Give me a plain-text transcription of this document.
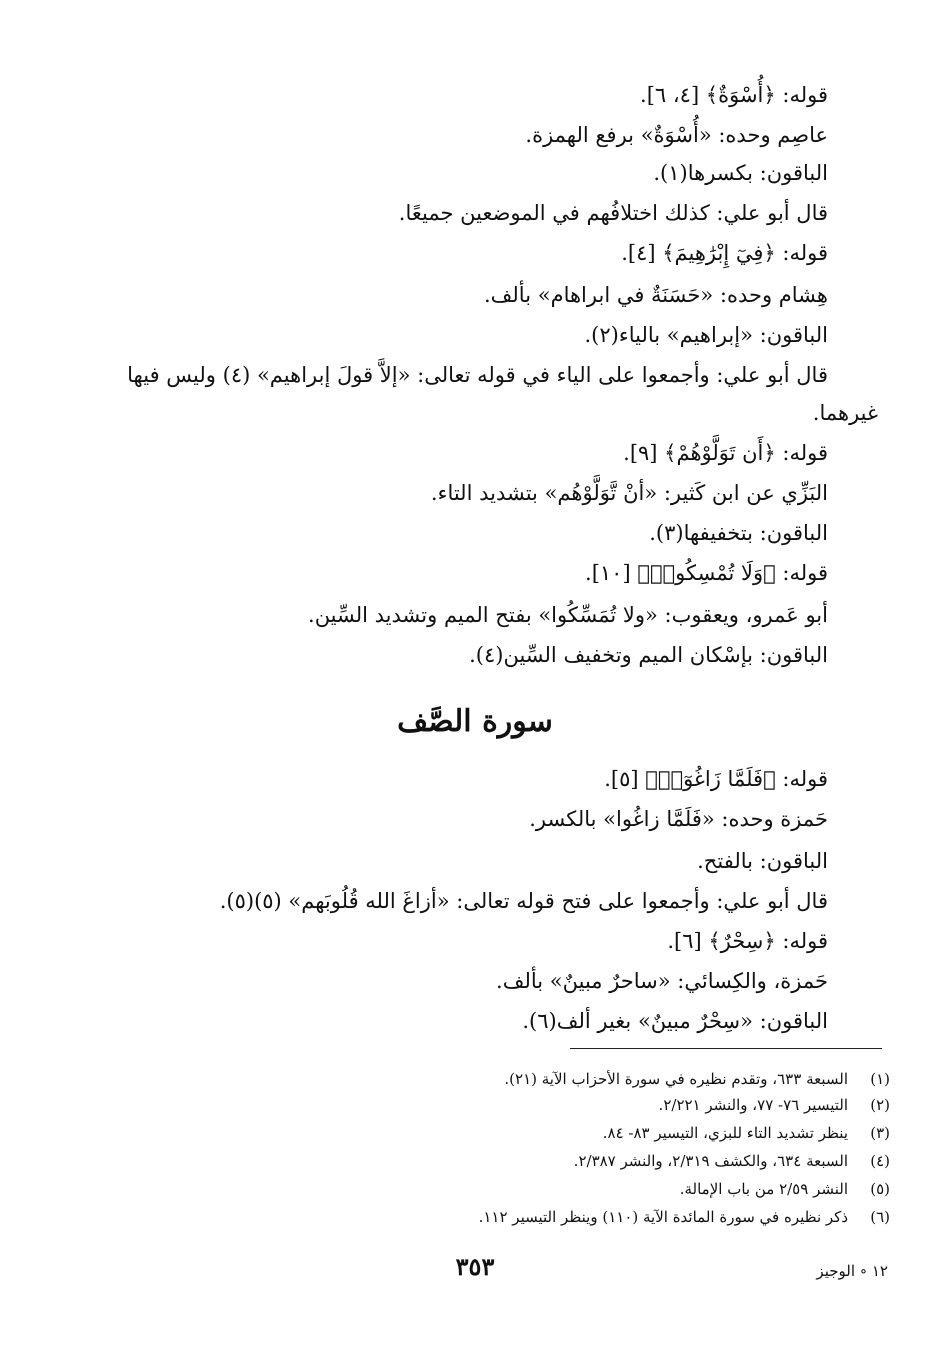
قوله: ﴿أُسْوَةٌ﴾ [٤، ٦].
عاصِم وحده: «أُسْوَةٌ» برفع الهمزة.
الباقون: بكسرها(١).
قال أبو علي: كذلك اختلافُهم في الموضعين جميعًا.
قوله: ﴿فِيٓ إِبْرَٰهِيمَ﴾ [٤].
هِشام وحده: «حَسَنَةٌ في ابراهام» بألف.
الباقون: «إبراهيم» بالياء(٢).
قال أبو علي: وأجمعوا على الياء في قوله تعالى: «إلاَّ قولَ إبراهيم» (٤) وليس فيها
غيرهما.
قوله: ﴿أَن تَوَلَّوْهُمْ﴾ [٩].
البَزِّي عن ابن كَثير: «أنْ تَّوَلَّوْهُم» بتشديد التاء.
الباقون: بتخفيفها(٣).
قوله: ﴿وَلَا تُمْسِكُوا۟﴾ [١٠].
أبو عَمرو، ويعقوب: «ولا تُمَسِّكُوا» بفتح الميم وتشديد السِّين.
الباقون: بإسْكان الميم وتخفيف السِّين(٤).
سورة الصَّف
قوله: ﴿فَلَمَّا زَاغُوٓا۟﴾ [٥].
حَمزة وحده: «فَلَمَّا زاغُوا» بالكسر.
الباقون: بالفتح.
قال أبو علي: وأجمعوا على فتح قوله تعالى: «أزاغَ الله قُلُوبَهم» (٥)(٥).
قوله: ﴿سِحْرٌ﴾ [٦].
حَمزة، والكِسائي: «ساحرٌ مبينٌ» بألف.
الباقون: «سِحْرٌ مبينٌ» بغير ألف(٦).
(١)السبعة ٦٣٣، وتقدم نظيره في سورة الأحزاب الآية (٢١).
(٢)التيسير ٧٦- ٧٧، والنشر ٢/٢٢١.
(٣)ينظر تشديد التاء للبزي، التيسير ٨٣- ٨٤.
(٤)السبعة ٦٣٤، والكشف ٢/٣١٩، والنشر ٢/٣٨٧.
(٥)النشر ٢/٥٩ من باب الإمالة.
(٦)ذكر نظيره في سورة المائدة الآية (١١٠) وينظر التيسير ١١٢.
٣٥٣	١٢ ∘ الوجيز
